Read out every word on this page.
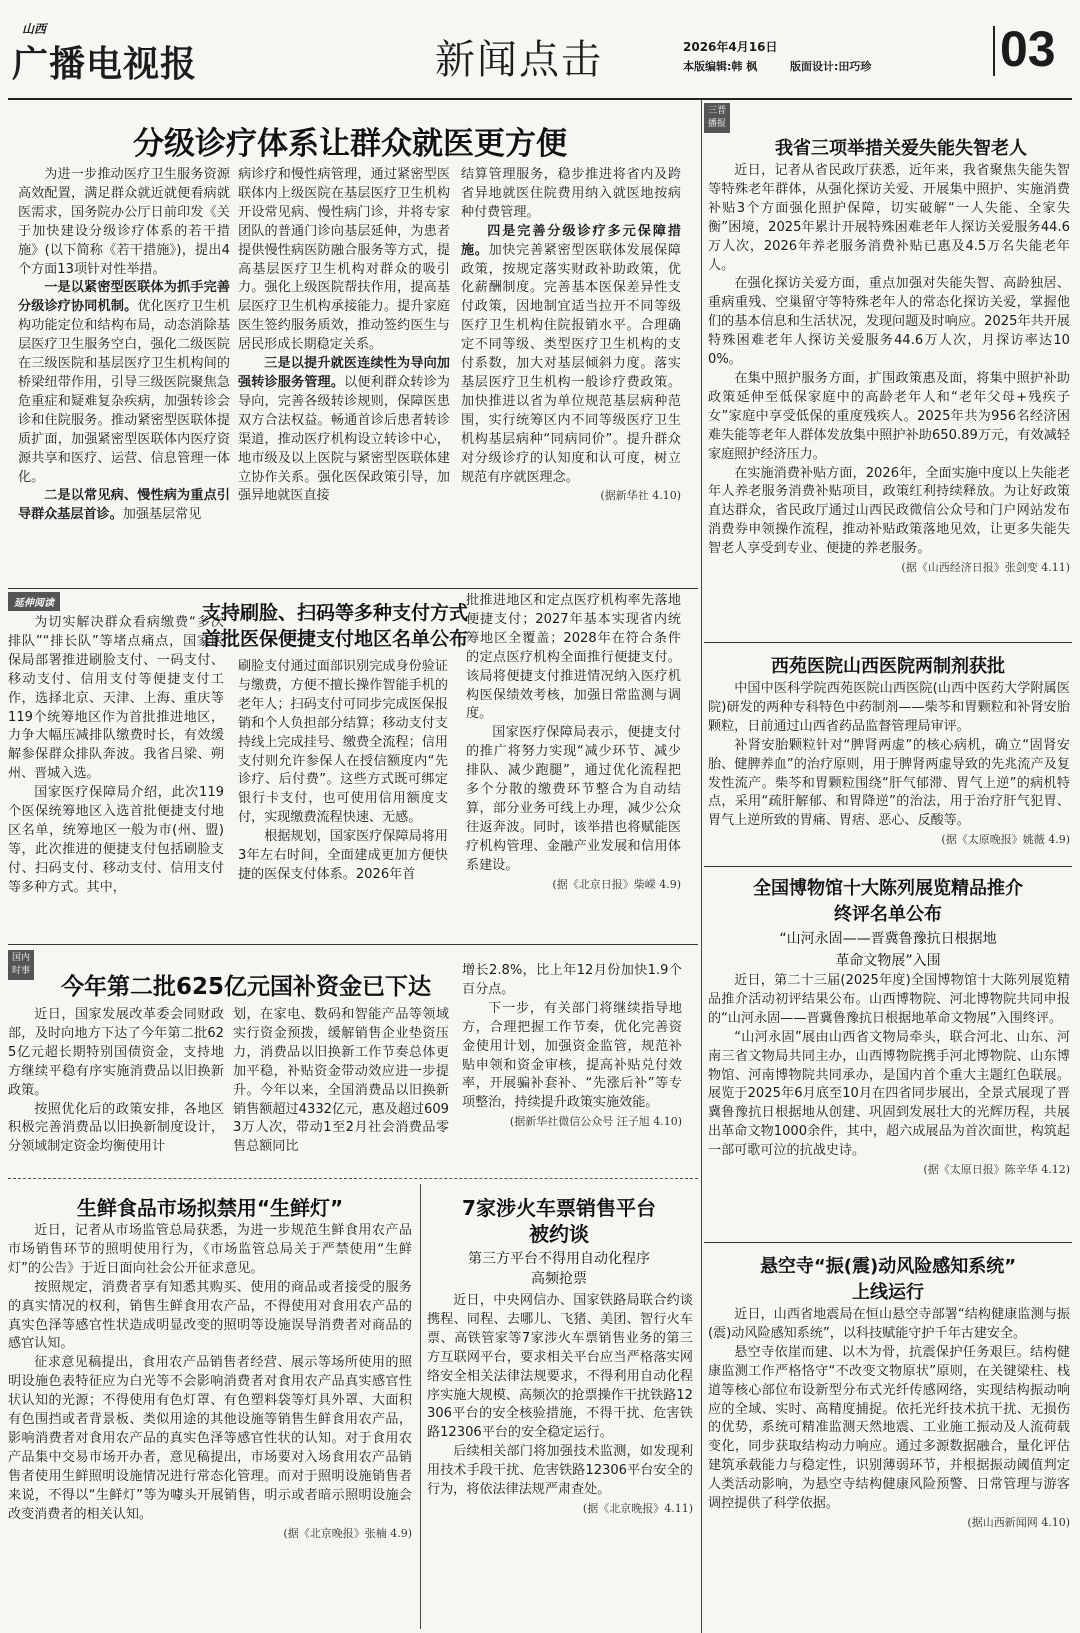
山西
广播电视报	新闻点击	2026年4月16日
本版编辑:韩 枫	版面设计:田巧珍	03
分级诊疗体系让群众就医更方便

为进一步推动医疗卫生服务资源高效配置，满足群众就近就便看病就医需求，国务院办公厅日前印发《关于加快建设分级诊疗体系的若干措施》(以下简称《若干措施》)，提出4个方面13项针对性举措。

一是以紧密型医联体为抓手完善分级诊疗协同机制。优化医疗卫生机构功能定位和结构布局，动态消除基层医疗卫生服务空白，强化二级医院在三级医院和基层医疗卫生机构间的桥梁纽带作用，引导三级医院聚焦急危重症和疑难复杂疾病，加强转诊会诊和住院服务。推动紧密型医联体提质扩面，加强紧密型医联体内医疗资源共享和医疗、运营、信息管理一体化。

二是以常见病、慢性病为重点引导群众基层首诊。加强基层常见

病诊疗和慢性病管理，通过紧密型医联体内上级医院在基层医疗卫生机构开设常见病、慢性病门诊，并将专家团队的普通门诊向基层延伸，为患者提供慢性病医防融合服务等方式，提高基层医疗卫生机构对群众的吸引力。强化上级医院帮扶作用，提高基层医疗卫生机构承接能力。提升家庭医生签约服务质效，推动签约医生与居民形成长期稳定关系。

三是以提升就医连续性为导向加强转诊服务管理。以便利群众转诊为导向，完善各级转诊规则，保障医患双方合法权益。畅通首诊后患者转诊渠道，推动医疗机构设立转诊中心，地市级及以上医院与紧密型医联体建立协作关系。强化医保政策引导，加强异地就医直接

结算管理服务，稳步推进将省内及跨省异地就医住院费用纳入就医地按病种付费管理。

四是完善分级诊疗多元保障措施。加快完善紧密型医联体发展保障政策，按规定落实财政补助政策，优化薪酬制度。完善基本医保差异性支付政策，因地制宜适当拉开不同等级医疗卫生机构住院报销水平。合理确定不同等级、类型医疗卫生机构的支付系数，加大对基层倾斜力度。落实基层医疗卫生机构一般诊疗费政策。加快推进以省为单位规范基层病种范围，实行统筹区内不同等级医疗卫生机构基层病种“同病同价”。提升群众对分级诊疗的认知度和认可度，树立规范有序就医理念。

(据新华社 4.10)
延伸阅读	支持刷脸、扫码等多种支付方式
首批医保便捷支付地区名单公布

为切实解决群众看病缴费“多次排队”“排长队”等堵点痛点，国家医保局部署推进刷脸支付、一码支付、移动支付、信用支付等便捷支付工作，选择北京、天津、上海、重庆等119个统筹地区作为首批推进地区，力争大幅压减排队缴费时长，有效缓解参保群众排队奔波。我省吕梁、朔州、晋城入选。

国家医疗保障局介绍，此次119个医保统筹地区入选首批便捷支付地区名单，统筹地区一般为市(州、盟)等，此次推进的便捷支付包括刷脸支付、扫码支付、移动支付、信用支付等多种方式。其中，

刷脸支付通过面部识别完成身份验证与缴费，方便不擅长操作智能手机的老年人；扫码支付可同步完成医保报销和个人负担部分结算；移动支付支持线上完成挂号、缴费全流程；信用支付则允许参保人在授信额度内“先诊疗、后付费”。这些方式既可绑定银行卡支付，也可使用信用额度支付，实现缴费流程快速、无感。

根据规划，国家医疗保障局将用3年左右时间，全面建成更加方便快捷的医保支付体系。2026年首

批推进地区和定点医疗机构率先落地便捷支付；2027年基本实现省内统筹地区全覆盖；2028年在符合条件的定点医疗机构全面推行便捷支付。该局将便捷支付推进情况纳入医疗机构医保绩效考核，加强日常监测与调度。

国家医疗保障局表示，便捷支付的推广将努力实现“减少环节、减少排队、减少跑腿”，通过优化流程把多个分散的缴费环节整合为自动结算，部分业务可线上办理，减少公众往返奔波。同时，该举措也将赋能医疗机构管理、金融产业发展和信用体系建设。

(据《北京日报》柴嵘 4.9)
国内
时事
今年第二批625亿元国补资金已下达

近日，国家发展改革委会同财政部，及时向地方下达了今年第二批625亿元超长期特别国债资金，支持地方继续平稳有序实施消费品以旧换新政策。

按照优化后的政策安排，各地区积极完善消费品以旧换新制度设计，分领域制定资金均衡使用计

划，在家电、数码和智能产品等领域实行资金预拨，缓解销售企业垫资压力，消费品以旧换新工作节奏总体更加平稳，补贴资金带动效应进一步提升。今年以来，全国消费品以旧换新销售额超过4332亿元，惠及超过6093万人次，带动1至2月社会消费品零售总额同比

增长2.8%，比上年12月份加快1.9个百分点。

下一步，有关部门将继续指导地方，合理把握工作节奏，优化完善资金使用计划，加强资金监管，规范补贴申领和资金审核，提高补贴兑付效率，开展骗补套补、“先涨后补”等专项整治，持续提升政策实施效能。

(据新华社微信公众号 汪子旭 4.10)
生鲜食品市场拟禁用“生鲜灯”

近日，记者从市场监管总局获悉，为进一步规范生鲜食用农产品市场销售环节的照明使用行为，《市场监管总局关于严禁使用“生鲜灯”的公告》于近日面向社会公开征求意见。

按照规定，消费者享有知悉其购买、使用的商品或者接受的服务的真实情况的权利，销售生鲜食用农产品，不得使用对食用农产品的真实色泽等感官性状造成明显改变的照明等设施误导消费者对商品的感官认知。

征求意见稿提出，食用农产品销售者经营、展示等场所使用的照明设施色表特征应为白光等不会影响消费者对食用农产品真实感官性状认知的光源；不得使用有色灯罩、有色塑料袋等灯具外罩、大面积有色围挡或者背景板、类似用途的其他设施等销售生鲜食用农产品，影响消费者对食用农产品的真实色泽等感官性状的认知。对于食用农产品集中交易市场开办者，意见稿提出，市场要对入场食用农产品销售者使用生鲜照明设施情况进行常态化管理。而对于照明设施销售者来说，不得以“生鲜灯”等为噱头开展销售，明示或者暗示照明设施会改变消费者的相关认知。

(据《北京晚报》张楠 4.9)
7家涉火车票销售平台
被约谈
第三方平台不得用自动化程序
高频抢票

近日，中央网信办、国家铁路局联合约谈携程、同程、去哪儿、飞猪、美团、智行火车票、高铁管家等7家涉火车票销售业务的第三方互联网平台，要求相关平台应当严格落实网络安全相关法律法规要求，不得利用自动化程序实施大规模、高频次的抢票操作干扰铁路12306平台的安全核验措施，不得干扰、危害铁路12306平台的安全稳定运行。

后续相关部门将加强技术监测，如发现利用技术手段干扰、危害铁路12306平台安全的行为，将依法律法规严肃查处。

(据《北京晚报》4.11)
三晋
播报
我省三项举措关爱失能失智老人

近日，记者从省民政厅获悉，近年来，我省聚焦失能失智等特殊老年群体，从强化探访关爱、开展集中照护、实施消费补贴3个方面强化照护保障，切实破解“一人失能、全家失衡”困境，2025年累计开展特殊困难老年人探访关爱服务44.6万人次，2026年养老服务消费补贴已惠及4.5万名失能老年人。

在强化探访关爱方面，重点加强对失能失智、高龄独居、重病重残、空巢留守等特殊老年人的常态化探访关爱，掌握他们的基本信息和生活状况，发现问题及时响应。2025年共开展特殊困难老年人探访关爱服务44.6万人次，月探访率达100%。

在集中照护服务方面，扩围政策惠及面，将集中照护补助政策延伸至低保家庭中的高龄老年人和“老年父母+残疾子女”家庭中享受低保的重度残疾人。2025年共为956名经济困难失能等老年人群体发放集中照护补助650.89万元，有效减轻家庭照护经济压力。

在实施消费补贴方面，2026年，全面实施中度以上失能老年人养老服务消费补贴项目，政策红利持续释放。为让好政策直达群众，省民政厅通过山西民政微信公众号和门户网站发布消费券申领操作流程，推动补贴政策落地见效，让更多失能失智老人享受到专业、便捷的养老服务。

(据《山西经济日报》张剑变 4.11)
西苑医院山西医院两制剂获批

中国中医科学院西苑医院山西医院(山西中医药大学附属医院)研发的两种专科特色中药制剂——柴芩和胃颗粒和补肾安胎颗粒，日前通过山西省药品监督管理局审评。

补肾安胎颗粒针对“脾肾两虚”的核心病机，确立“固肾安胎、健脾养血”的治疗原则，用于脾肾两虚导致的先兆流产及复发性流产。柴芩和胃颗粒围绕“肝气郁滞、胃气上逆”的病机特点，采用“疏肝解郁、和胃降逆”的治法，用于治疗肝气犯胃、胃气上逆所致的胃痛、胃痞、恶心、反酸等。

(据《太原晚报》姚薇 4.9)
全国博物馆十大陈列展览精品推介
终评名单公布
“山河永固——晋冀鲁豫抗日根据地
革命文物展”入围

近日，第二十三届(2025年度)全国博物馆十大陈列展览精品推介活动初评结果公布。山西博物院、河北博物院共同申报的“山河永固——晋冀鲁豫抗日根据地革命文物展”入围终评。

“山河永固”展由山西省文物局牵头，联合河北、山东、河南三省文物局共同主办，山西博物院携手河北博物院、山东博物馆、河南博物院共同承办，是国内首个重大主题红色联展。展览于2025年6月底至10月在四省同步展出，全景式展现了晋冀鲁豫抗日根据地从创建、巩固到发展壮大的光辉历程，共展出革命文物1000余件，其中，超六成展品为首次面世，构筑起一部可歌可泣的抗战史诗。

(据《太原日报》陈辛华 4.12)
悬空寺“振(震)动风险感知系统”
上线运行

近日，山西省地震局在恒山悬空寺部署“结构健康监测与振(震)动风险感知系统”，以科技赋能守护千年古建安全。

悬空寺依崖而建、以木为骨，抗震保护任务艰巨。结构健康监测工作严格恪守“不改变文物原状”原则，在关键梁柱、栈道等核心部位布设新型分布式光纤传感网络，实现结构振动响应的全域、实时、高精度捕捉。依托光纤技术抗干扰、无损伤的优势，系统可精准监测天然地震、工业施工振动及人流荷载变化，同步获取结构动力响应。通过多源数据融合，量化评估建筑承载能力与稳定性，识别薄弱环节，并根据振动阈值判定人类活动影响，为悬空寺结构健康风险预警、日常管理与游客调控提供了科学依据。

(据山西新闻网 4.10)
